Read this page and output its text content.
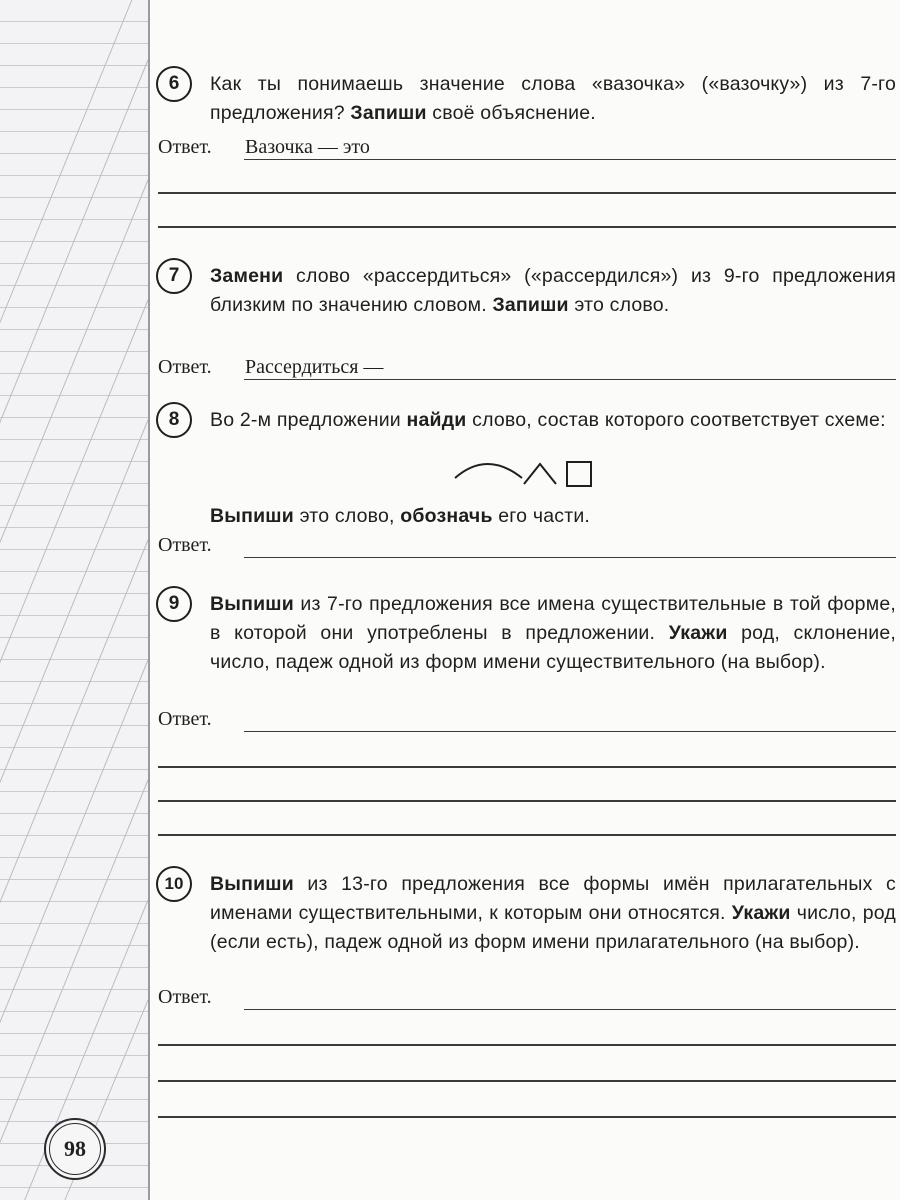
6	Как ты понимаешь значение слова «вазочка» («вазочку») из 7-го предложения? Запиши своё объяснение.
Ответ. Вазочка — это
7	Замени слово «рассердиться» («рассердился») из 9-го предложения близким по значению словом. Запиши это слово.
Ответ. Рассердиться —
8	Во 2-м предложении найди слово, состав которого соответствует схеме:
Выпиши это слово, обозначь его части.
Ответ.
9	Выпиши из 7-го предложения все имена существительные в той форме, в которой они употреблены в предложении. Укажи род, склонение, число, падеж одной из форм имени существительного (на выбор).
Ответ.
10	Выпиши из 13-го предложения все формы имён прилагательных с именами существительными, к которым они относятся. Укажи число, род (если есть), падеж одной из форм имени прилагательного (на выбор).
Ответ.
98
